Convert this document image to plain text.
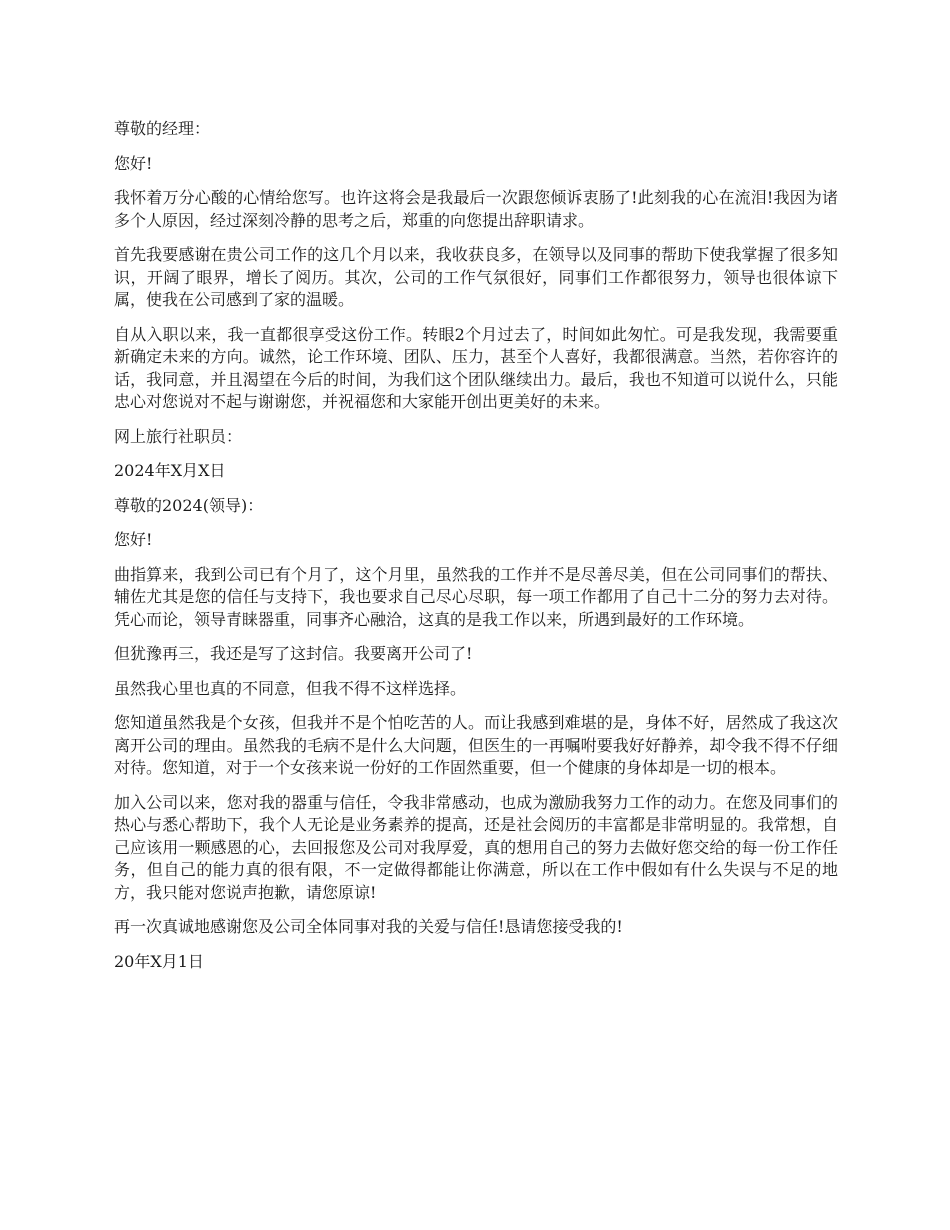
尊敬的经理：

您好!

我怀着万分心酸的心情给您写。也许这将会是我最后一次跟您倾诉衷肠了!此刻我的心在流泪!我因为诸多个人原因，经过深刻冷静的思考之后，郑重的向您提出辞职请求。

首先我要感谢在贵公司工作的这几个月以来，我收获良多，在领导以及同事的帮助下使我掌握了很多知识，开阔了眼界，增长了阅历。其次，公司的工作气氛很好，同事们工作都很努力，领导也很体谅下属，使我在公司感到了家的温暖。

自从入职以来，我一直都很享受这份工作。转眼2个月过去了，时间如此匆忙。可是我发现，我需要重新确定未来的方向。诚然，论工作环境、团队、压力，甚至个人喜好，我都很满意。当然，若你容许的话，我同意，并且渴望在今后的时间，为我们这个团队继续出力。最后，我也不知道可以说什么，只能忠心对您说对不起与谢谢您，并祝福您和大家能开创出更美好的未来。

网上旅行社职员：

2024年X月X日

尊敬的2024(领导)：

您好!

曲指算来，我到公司已有个月了，这个月里，虽然我的工作并不是尽善尽美，但在公司同事们的帮扶、辅佐尤其是您的信任与支持下，我也要求自己尽心尽职，每一项工作都用了自己十二分的努力去对待。凭心而论，领导青睐器重，同事齐心融洽，这真的是我工作以来，所遇到最好的工作环境。

但犹豫再三，我还是写了这封信。我要离开公司了!

虽然我心里也真的不同意，但我不得不这样选择。

您知道虽然我是个女孩，但我并不是个怕吃苦的人。而让我感到难堪的是，身体不好，居然成了我这次离开公司的理由。虽然我的毛病不是什么大问题，但医生的一再嘱咐要我好好静养，却令我不得不仔细对待。您知道，对于一个女孩来说一份好的工作固然重要，但一个健康的身体却是一切的根本。

加入公司以来，您对我的器重与信任，令我非常感动，也成为激励我努力工作的动力。在您及同事们的热心与悉心帮助下，我个人无论是业务素养的提高，还是社会阅历的丰富都是非常明显的。我常想，自己应该用一颗感恩的心，去回报您及公司对我厚爱，真的想用自己的努力去做好您交给的每一份工作任务，但自己的能力真的很有限，不一定做得都能让你满意，所以在工作中假如有什么失误与不足的地方，我只能对您说声抱歉，请您原谅!

再一次真诚地感谢您及公司全体同事对我的关爱与信任!恳请您接受我的!

20年X月1日
